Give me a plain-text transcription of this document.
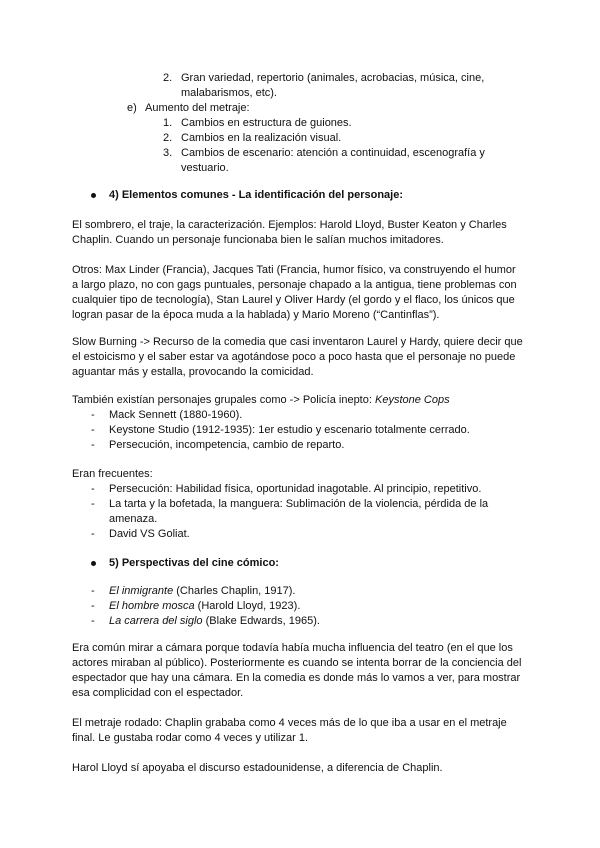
2. Gran variedad, repertorio (animales, acrobacias, música, cine,
malabarismos, etc).
e) Aumento del metraje:
1. Cambios en estructura de guiones.
2. Cambios en la realización visual.
3. Cambios de escenario: atención a continuidad, escenografía y
vestuario.
4) Elementos comunes - La identificación del personaje:
El sombrero, el traje, la caracterización. Ejemplos: Harold Lloyd, Buster Keaton y Charles
Chaplin. Cuando un personaje funcionaba bien le salían muchos imitadores.
Otros: Max Linder (Francia), Jacques Tati (Francia, humor físico, va construyendo el humor
a largo plazo, no con gags puntuales, personaje chapado a la antigua, tiene problemas con
cualquier tipo de tecnología), Stan Laurel y Oliver Hardy (el gordo y el flaco, los únicos que
logran pasar de la época muda a la hablada) y Mario Moreno (“Cantinflas”).
Slow Burning -> Recurso de la comedia que casi inventaron Laurel y Hardy, quiere decir que
el estoicismo y el saber estar va agotándose poco a poco hasta que el personaje no puede
aguantar más y estalla, provocando la comicidad.
También existían personajes grupales como -> Policía inepto: Keystone Cops
- Mack Sennett (1880-1960).
- Keystone Studio (1912-1935): 1er estudio y escenario totalmente cerrado.
- Persecución, incompetencia, cambio de reparto.
Eran frecuentes:
- Persecución: Habilidad física, oportunidad inagotable. Al principio, repetitivo.
- La tarta y la bofetada, la manguera: Sublimación de la violencia, pérdida de la
amenaza.
- David VS Goliat.
5) Perspectivas del cine cómico:
- El inmigrante (Charles Chaplin, 1917).
- El hombre mosca (Harold Lloyd, 1923).
- La carrera del siglo (Blake Edwards, 1965).
Era común mirar a cámara porque todavía había mucha influencia del teatro (en el que los
actores miraban al público). Posteriormente es cuando se intenta borrar de la conciencia del
espectador que hay una cámara. En la comedia es donde más lo vamos a ver, para mostrar
esa complicidad con el espectador.
El metraje rodado: Chaplin grababa como 4 veces más de lo que iba a usar en el metraje
final. Le gustaba rodar como 4 veces y utilizar 1.
Harol Lloyd sí apoyaba el discurso estadounidense, a diferencia de Chaplin.
